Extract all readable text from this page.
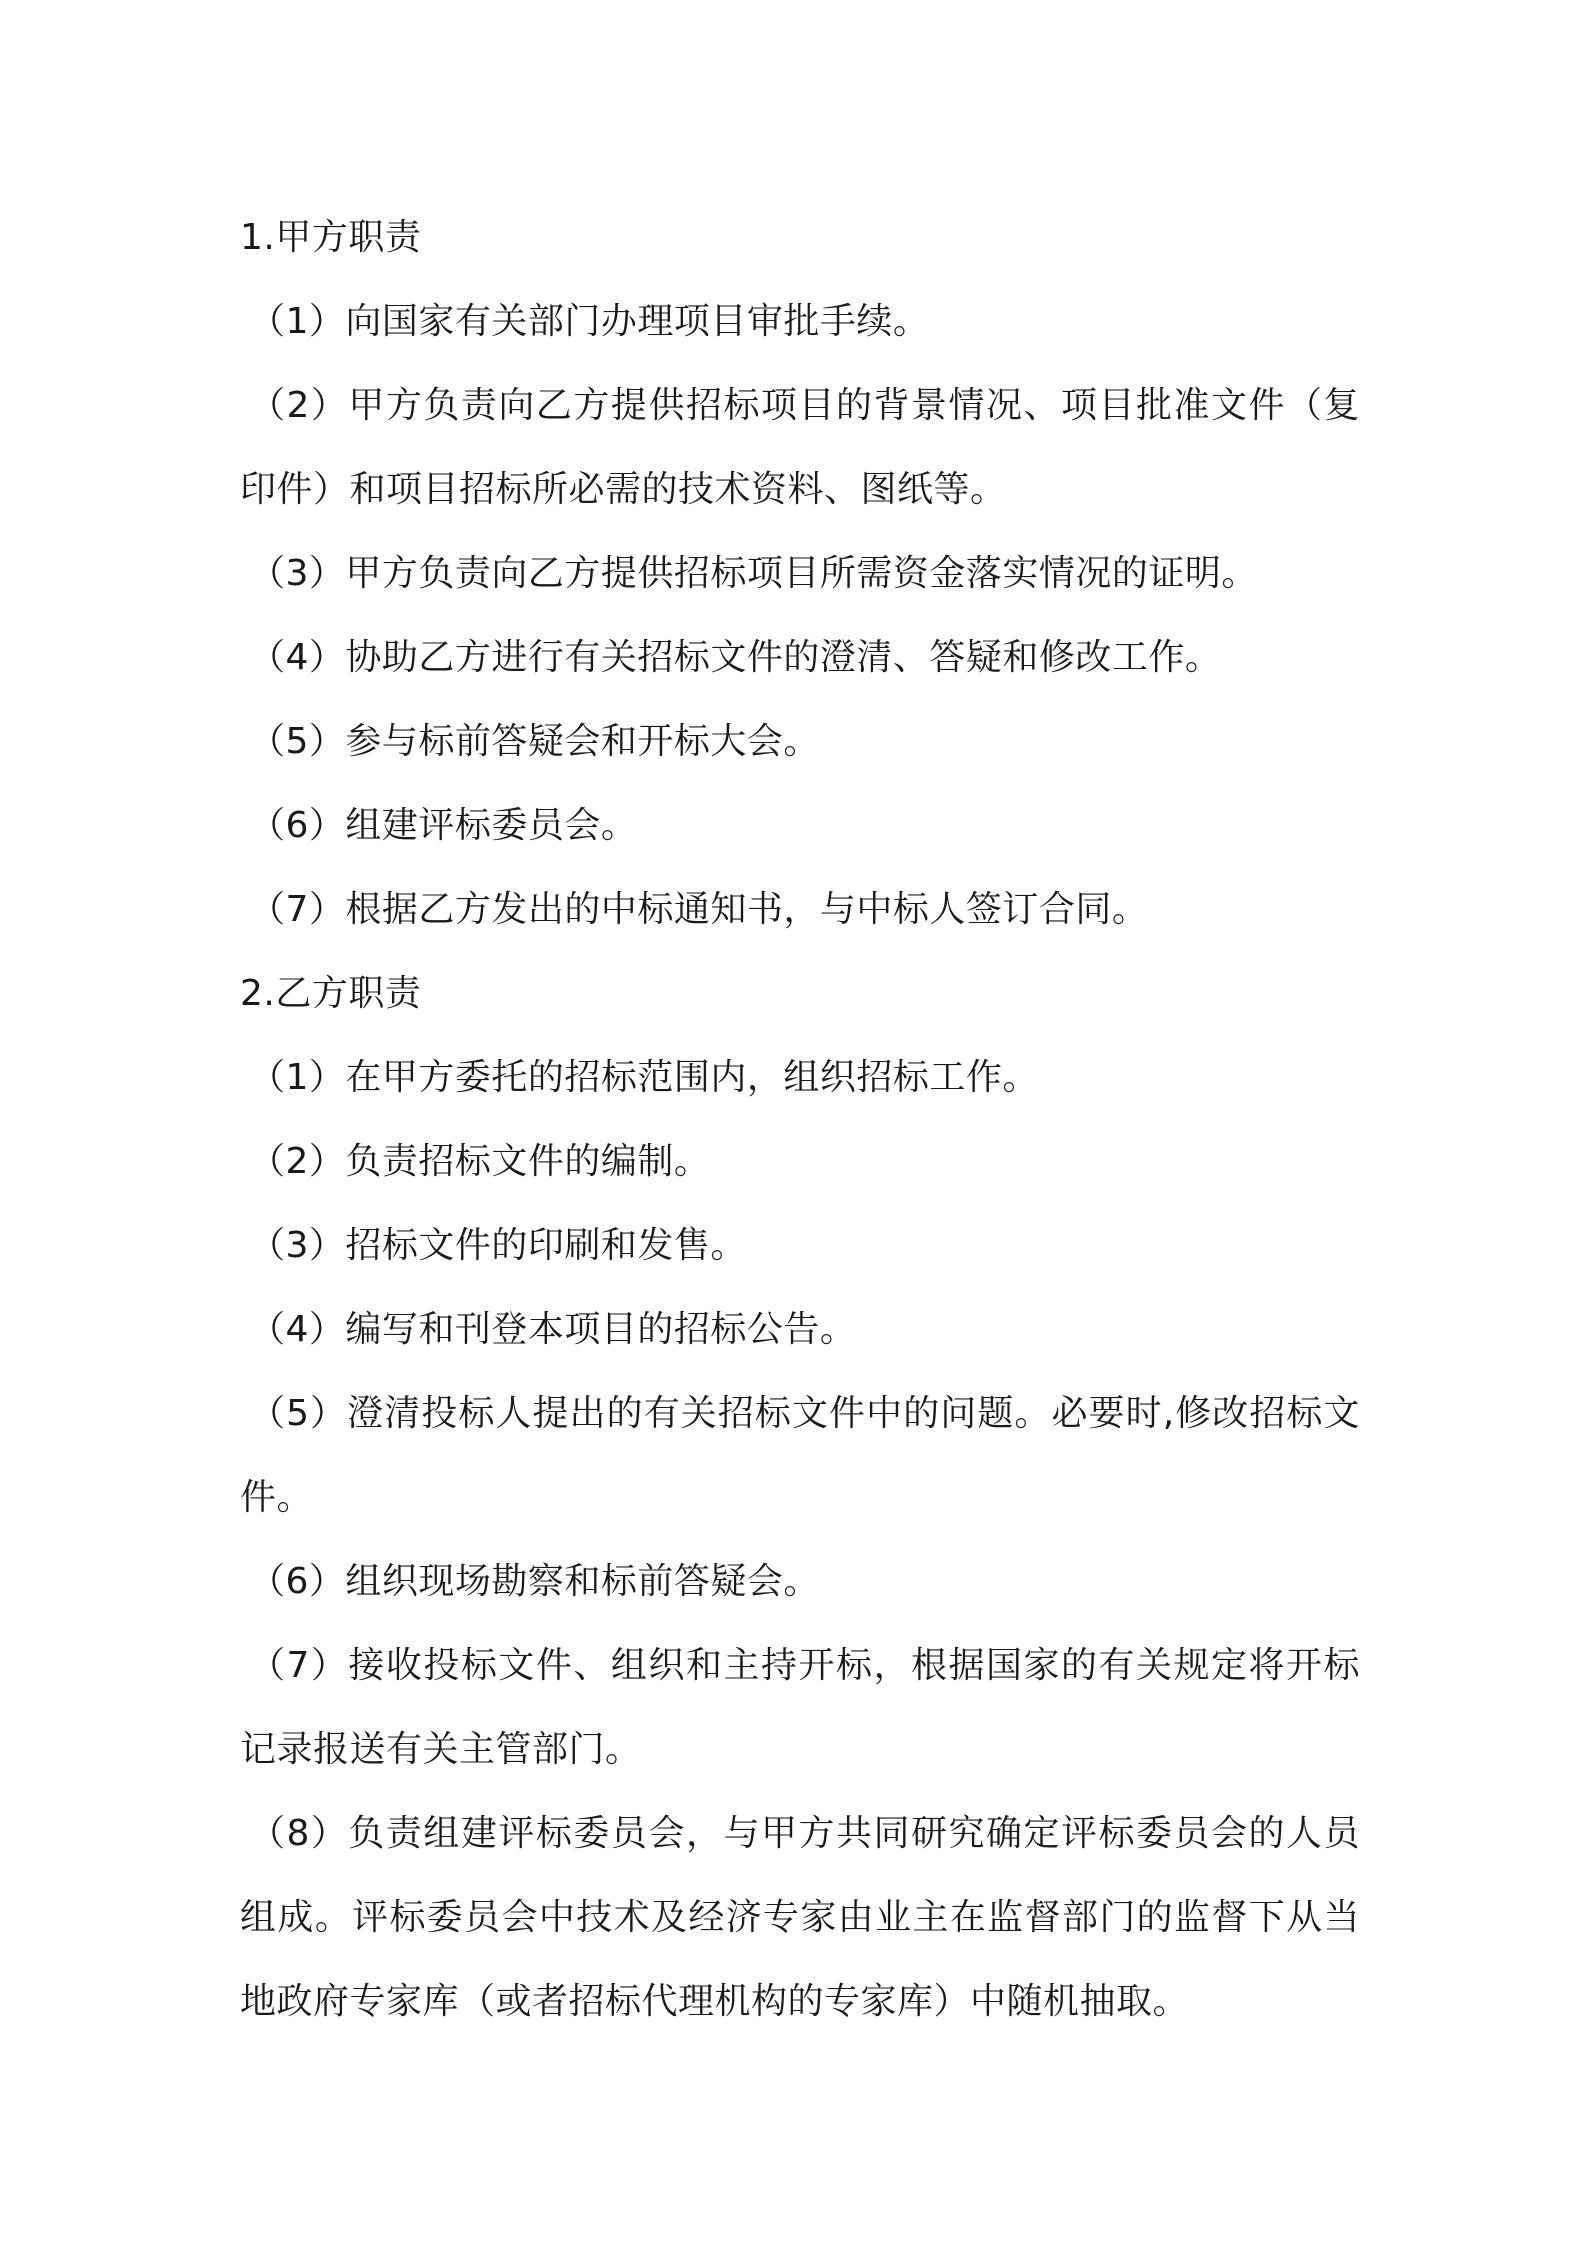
1.甲方职责

（1）向国家有关部门办理项目审批手续。

（2）甲方负责向乙方提供招标项目的背景情况、项目批准文件（复印件）和项目招标所必需的技术资料、图纸等。

（3）甲方负责向乙方提供招标项目所需资金落实情况的证明。

（4）协助乙方进行有关招标文件的澄清、答疑和修改工作。

（5）参与标前答疑会和开标大会。

（6）组建评标委员会。

（7）根据乙方发出的中标通知书，与中标人签订合同。

2.乙方职责

（1）在甲方委托的招标范围内，组织招标工作。

（2）负责招标文件的编制。

（3）招标文件的印刷和发售。

（4）编写和刊登本项目的招标公告。

（5）澄清投标人提出的有关招标文件中的问题。必要时,修改招标文件。

（6）组织现场勘察和标前答疑会。

（7）接收投标文件、组织和主持开标，根据国家的有关规定将开标记录报送有关主管部门。

（8）负责组建评标委员会，与甲方共同研究确定评标委员会的人员组成。评标委员会中技术及经济专家由业主在监督部门的监督下从当地政府专家库（或者招标代理机构的专家库）中随机抽取。
